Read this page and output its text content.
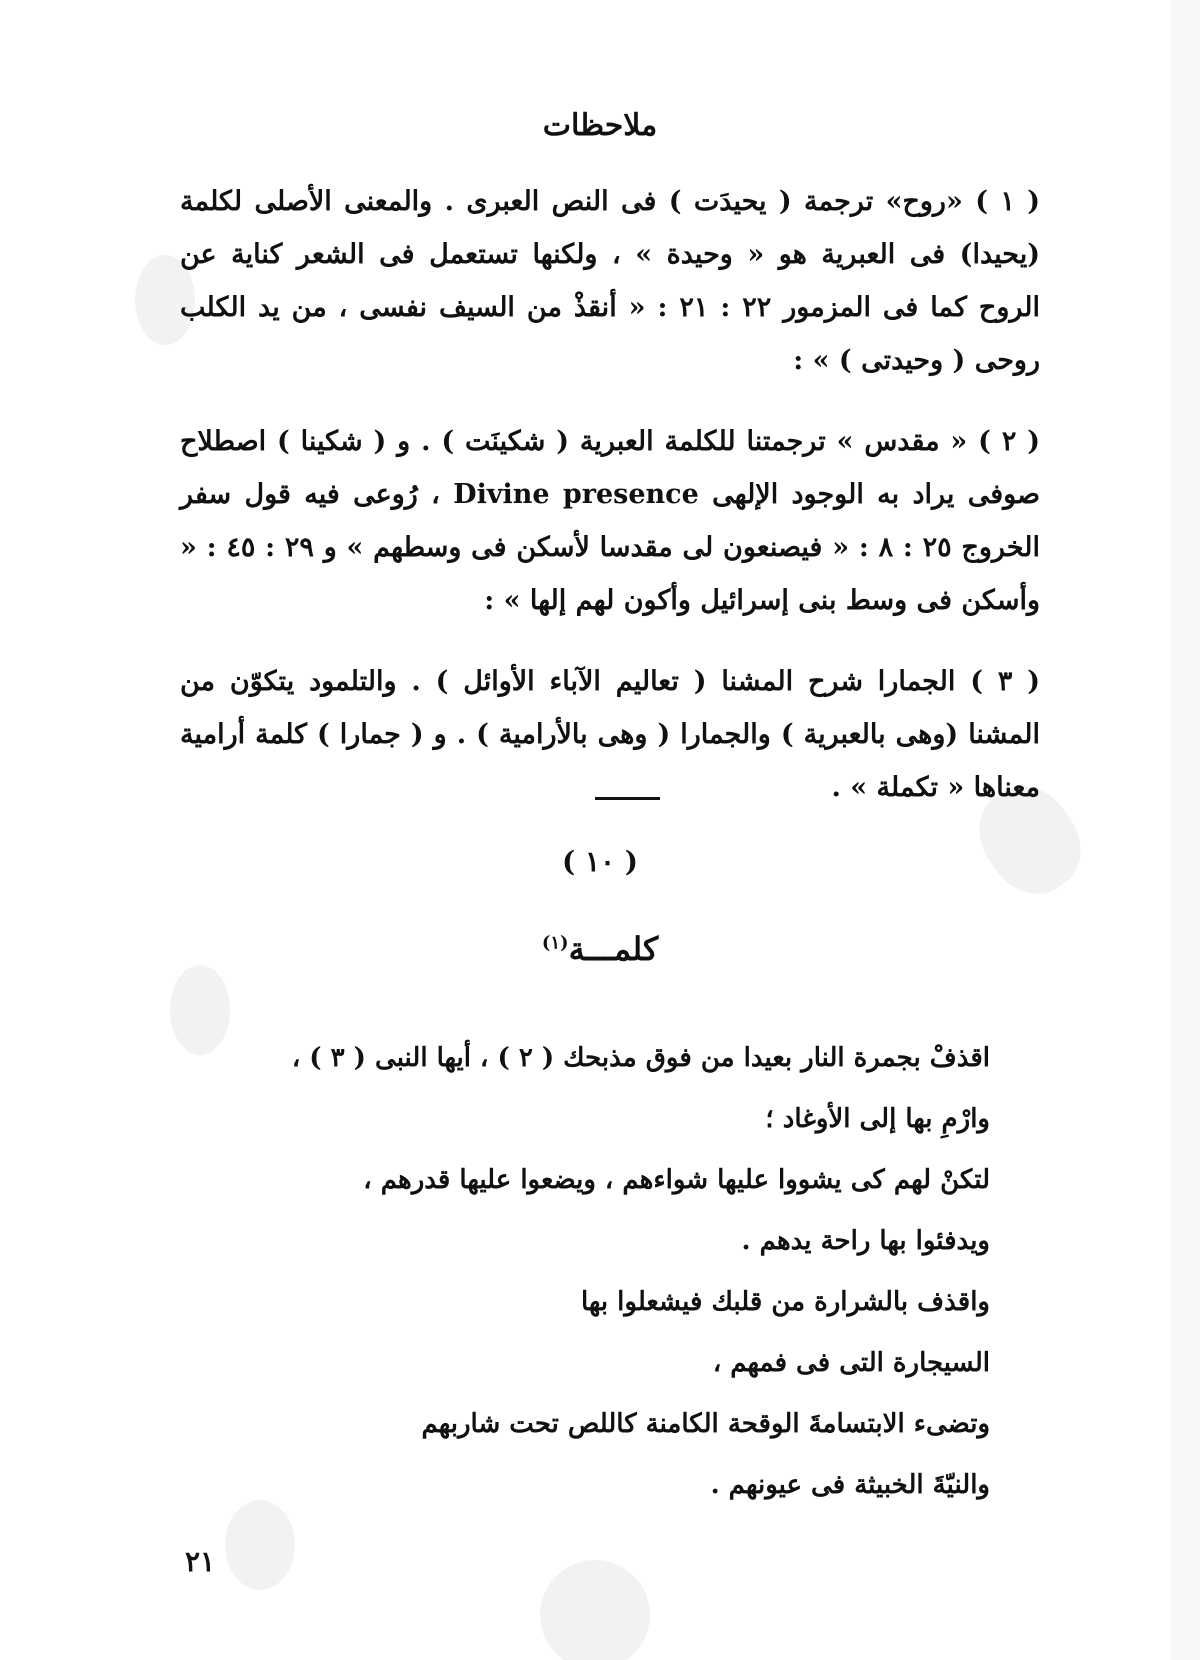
ملاحظات

( ١ ) «روح» ترجمة ( يحيدَت ) فى النص العبرى . والمعنى الأصلى لكلمة (يحيدا) فى العبرية هو « وحيدة » ، ولكنها تستعمل فى الشعر كناية عن الروح كما فى المزمور ٢٢ : ٢١ : « أنقذْ من السيف نفسى ، من يد الكلب روحى ( وحيدتى ) » :

( ٢ ) « مقدس » ترجمتنا للكلمة العبرية ( شكينَت ) . و ( شكينا ) اصطلاح صوفى يراد به الوجود الإلهى Divine presence ، رُوعى فيه قول سفر الخروج ٢٥ : ٨ : « فيصنعون لى مقدسا لأسكن فى وسطهم » و ٢٩ : ٤٥ : « وأسكن فى وسط بنى إسرائيل وأكون لهم إلها » :

( ٣ ) الجمارا شرح المشنا ( تعاليم الآباء الأوائل ) . والتلمود يتكوّن من المشنا (وهى بالعبرية ) والجمارا ( وهى بالأرامية ) . و ( جمارا ) كلمة أرامية معناها « تكملة » .

( ١٠ )
كلمـــة$^{(١)}$
اقذفْ بجمرة النار بعيدا من فوق مذبحك ( ٢ ) ، أيها النبى ( ٣ ) ،
وارْمِ بها إلى الأوغاد ؛
لتكنْ لهم كى يشووا عليها شواءهم ، ويضعوا عليها قدرهم ،
ويدفئوا بها راحة يدهم .
واقذف بالشرارة من قلبك فيشعلوا بها
السيجارة التى فى فمهم ،
وتضىء الابتسامةَ الوقحة الكامنة كاللص تحت شاربهم
والنيّةَ الخبيثة فى عيونهم .
٢١
